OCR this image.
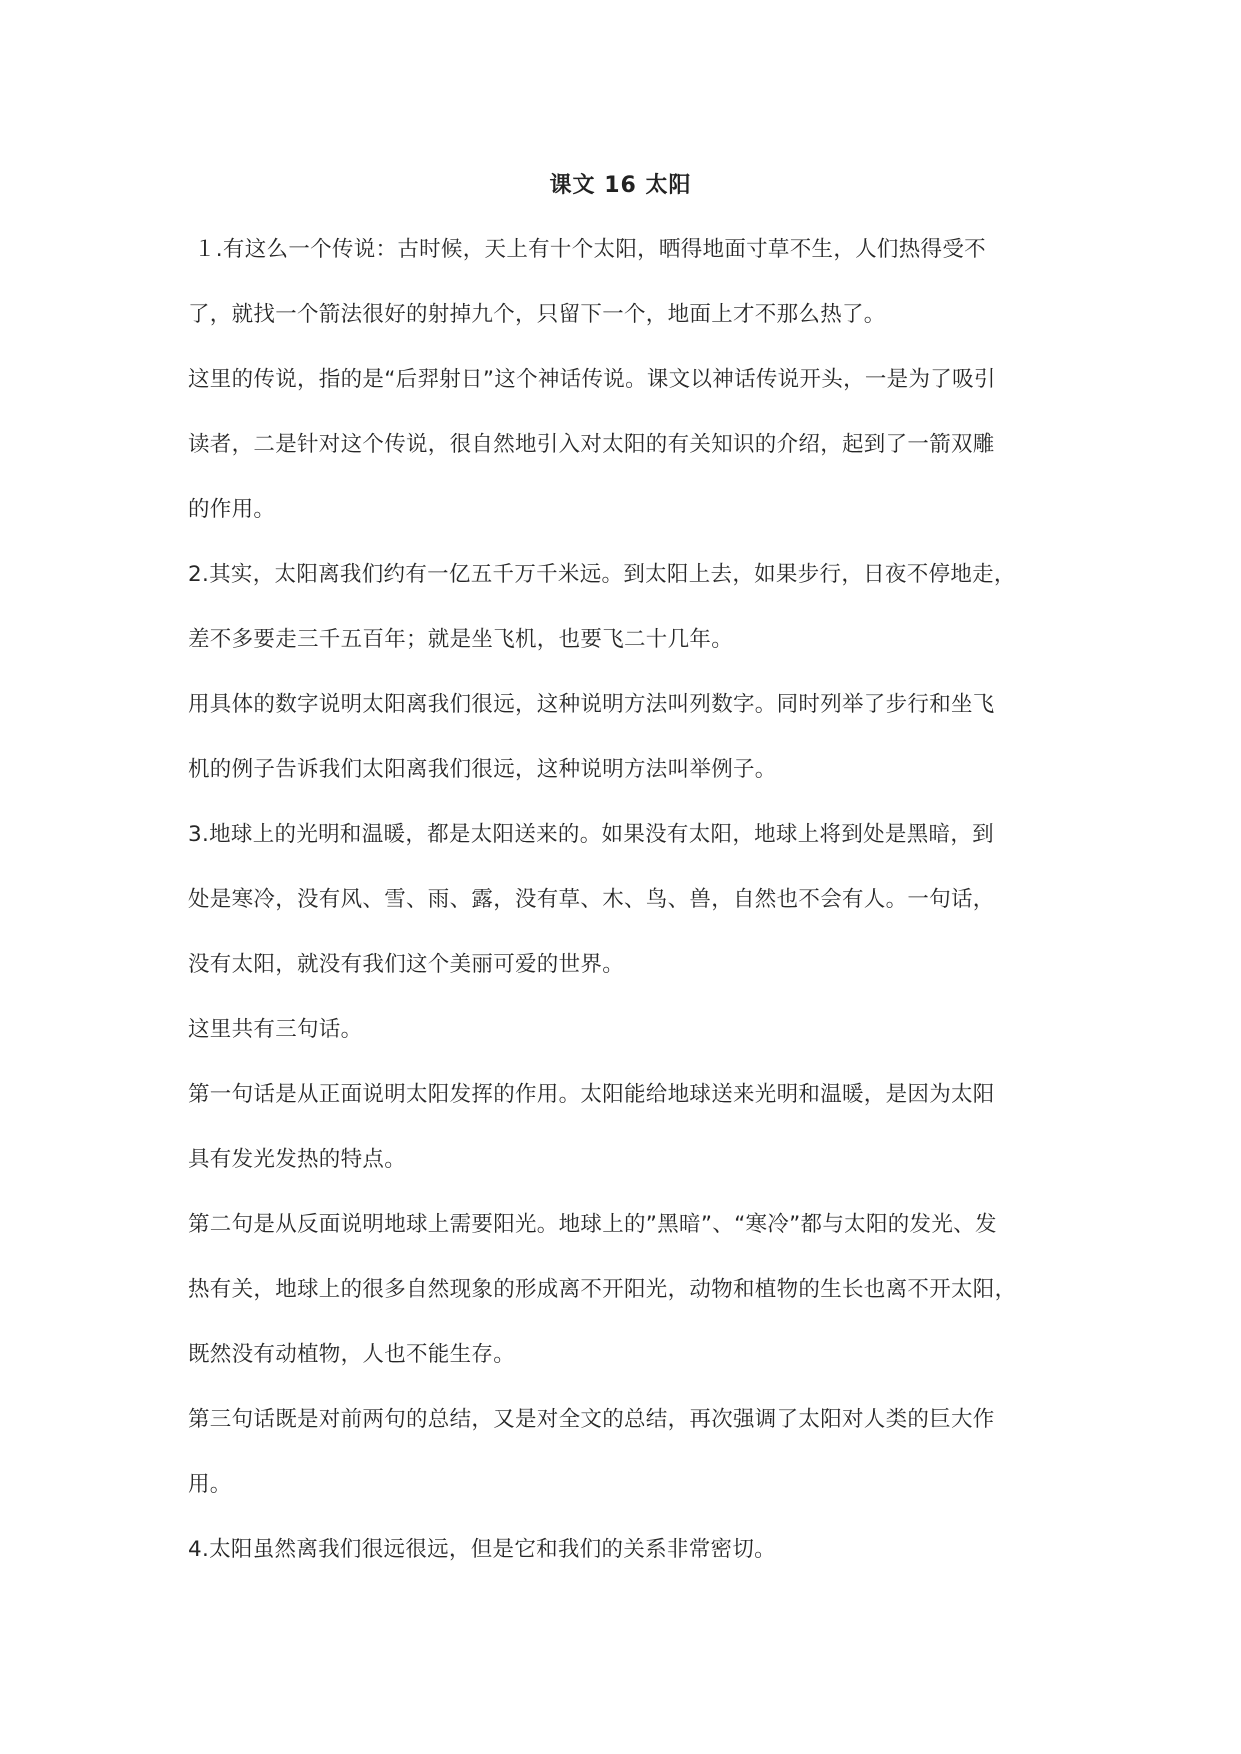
课文 16 太阳
１.有这么一个传说：古时候，天上有十个太阳，晒得地面寸草不生，人们热得受不
了，就找一个箭法很好的射掉九个，只留下一个，地面上才不那么热了。
这里的传说，指的是“后羿射日”这个神话传说。课文以神话传说开头，一是为了吸引
读者，二是针对这个传说，很自然地引入对太阳的有关知识的介绍，起到了一箭双雕
的作用。
2.其实，太阳离我们约有一亿五千万千米远。到太阳上去，如果步行，日夜不停地走，
差不多要走三千五百年；就是坐飞机，也要飞二十几年。
用具体的数字说明太阳离我们很远，这种说明方法叫列数字。同时列举了步行和坐飞
机的例子告诉我们太阳离我们很远，这种说明方法叫举例子。
3.地球上的光明和温暖，都是太阳送来的。如果没有太阳，地球上将到处是黑暗，到
处是寒冷，没有风、雪、雨、露，没有草、木、鸟、兽，自然也不会有人。一句话，
没有太阳，就没有我们这个美丽可爱的世界。
这里共有三句话。
第一句话是从正面说明太阳发挥的作用。太阳能给地球送来光明和温暖，是因为太阳
具有发光发热的特点。
第二句是从反面说明地球上需要阳光。地球上的”黑暗”、“寒冷”都与太阳的发光、发
热有关，地球上的很多自然现象的形成离不开阳光，动物和植物的生长也离不开太阳，
既然没有动植物，人也不能生存。
第三句话既是对前两句的总结，又是对全文的总结，再次强调了太阳对人类的巨大作
用。
4.太阳虽然离我们很远很远，但是它和我们的关系非常密切。
